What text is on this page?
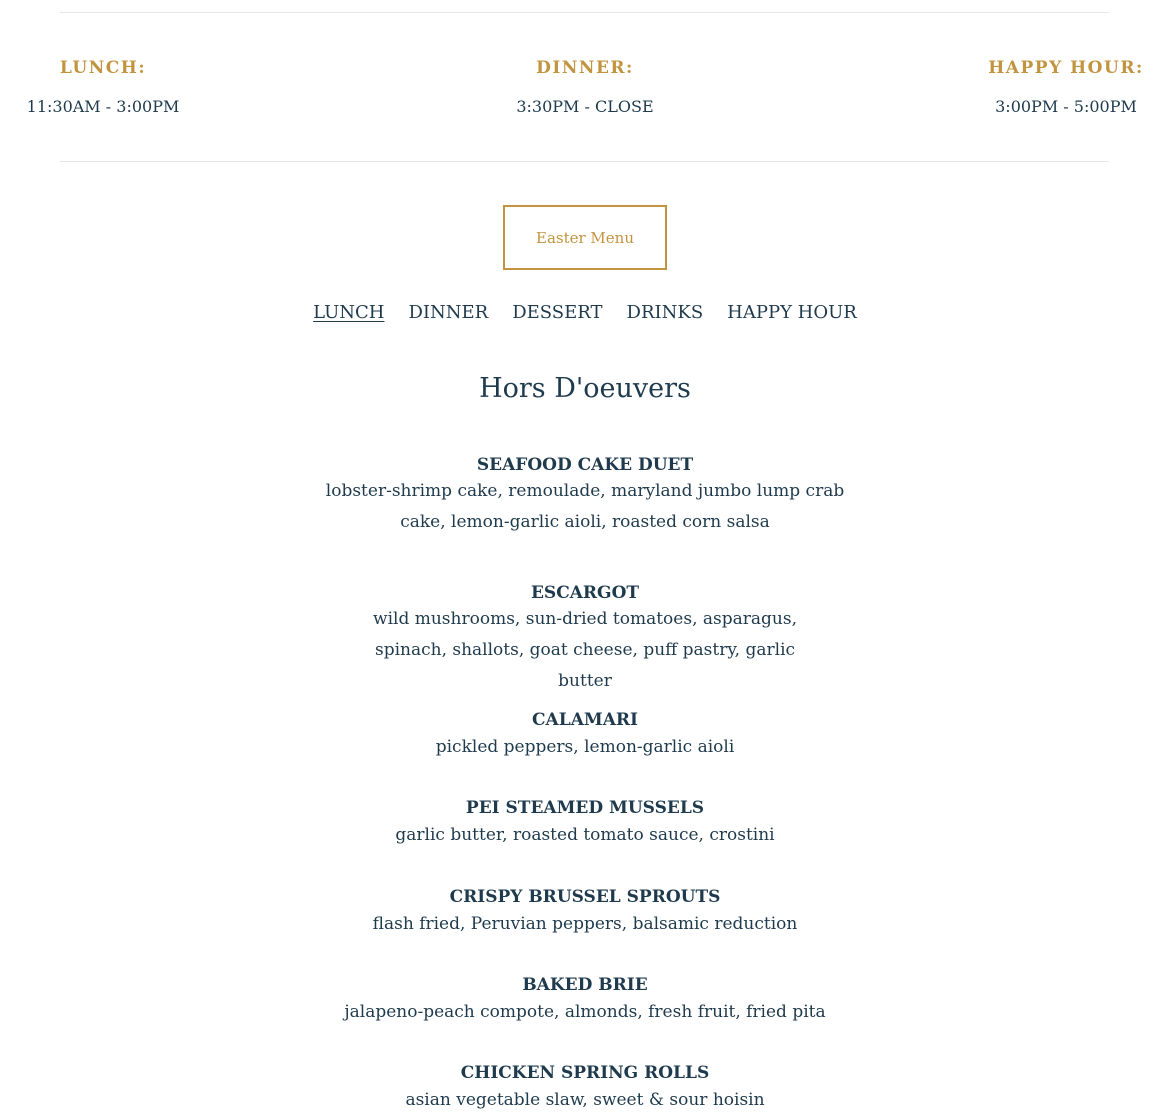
LUNCH:
11:30AM - 3:00PM
DINNER:
3:30PM - CLOSE
HAPPY HOUR:
3:00PM - 5:00PM
Easter Menu
LUNCH DINNER DESSERT DRINKS HAPPY HOUR
Hors D'oeuvers
SEAFOOD CAKE DUET
lobster-shrimp cake, remoulade, maryland jumbo lump crab cake, lemon-garlic aioli, roasted corn salsa
ESCARGOT
wild mushrooms, sun-dried tomatoes, asparagus, spinach, shallots, goat cheese, puff pastry, garlic butter
CALAMARI
pickled peppers, lemon-garlic aioli
PEI STEAMED MUSSELS
garlic butter, roasted tomato sauce, crostini
CRISPY BRUSSEL SPROUTS
flash fried, Peruvian peppers, balsamic reduction
BAKED BRIE
jalapeno-peach compote, almonds, fresh fruit, fried pita
CHICKEN SPRING ROLLS
asian vegetable slaw, sweet & sour hoisin
